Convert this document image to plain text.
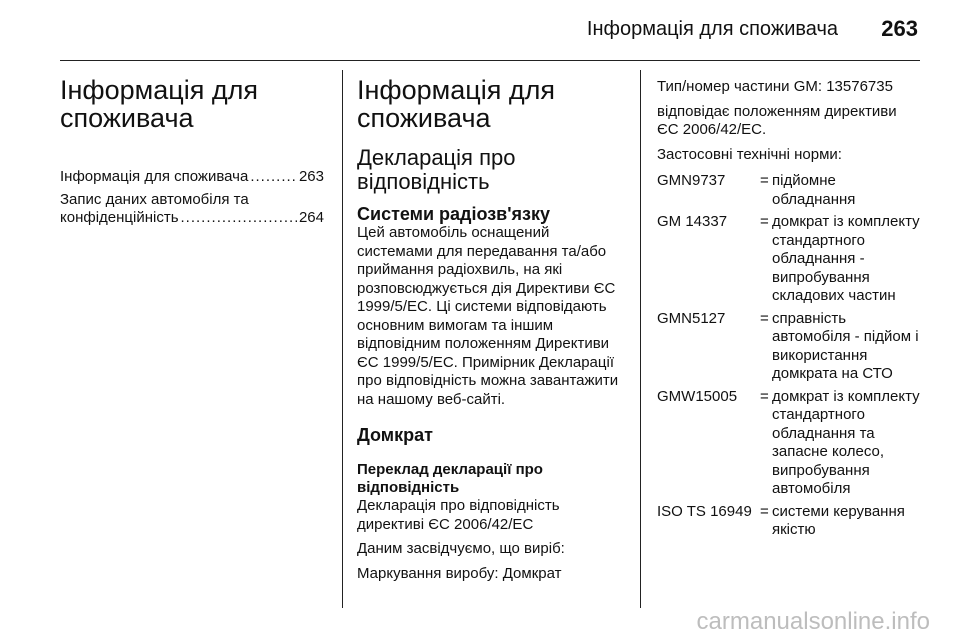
Інформація для споживача 263
Інформація для споживача
Інформація для споживача .....	263
Запис даних автомобіля та
конфіденційність .....	264
Інформація для споживача
Декларація про відповідність
Системи радіозв'язку
Цей автомобіль оснащений системами для передавання та/або приймання радіохвиль, на які розповсюджується дія Директиви ЄС 1999/5/ЕС. Ці системи відповідають основним вимогам та іншим відповідним положенням Директиви ЄС 1999/5/ЕС. Примірник Декларації про відповідність можна завантажити на нашому веб-сайті.
Домкрат
Переклад декларації про відповідність
Декларація про відповідність директиві ЄС 2006/42/ЕС
Даним засвідчуємо, що виріб:
Маркування виробу: Домкрат
Тип/номер частини GM: 13576735
відповідає положенням директиви ЄС 2006/42/ЕС.
Застосовні технічні норми:
GMN9737	=	підйомне обладнання
GM 14337	=	домкрат із комплекту стандартного обладнання - випробування складових частин
GMN5127	=	справність автомобіля - підйом і використання домкрата на СТО
GMW15005	=	домкрат із комплекту стандартного обладнання та запасне колесо, випробування автомобіля
ISO TS 16949	=	системи керування якістю
carmanualsonline.info
